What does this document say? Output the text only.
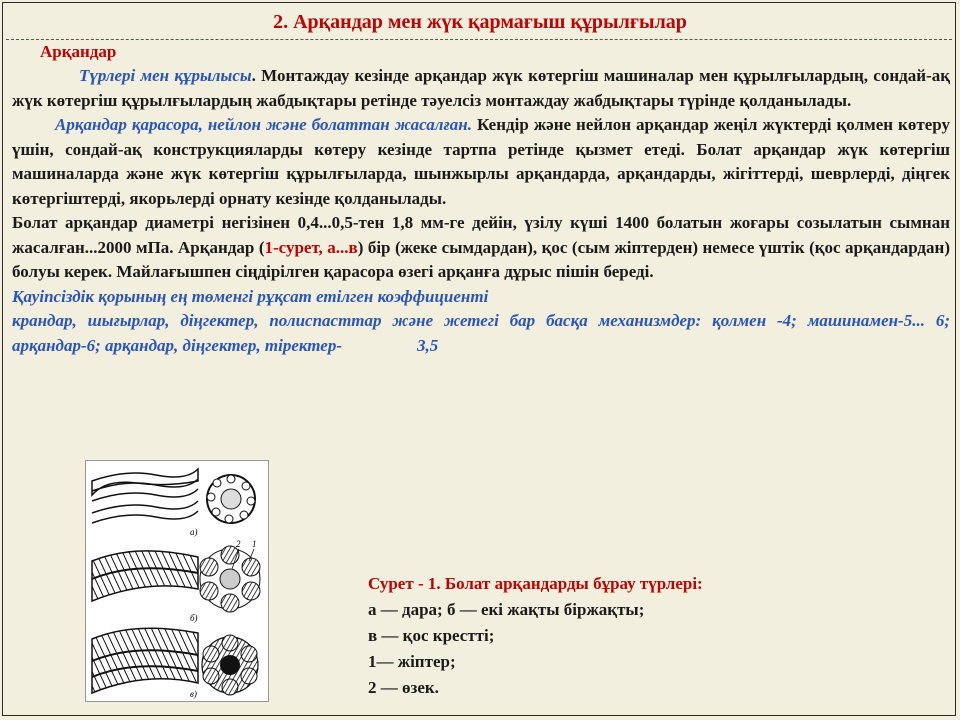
2. Арқандар мен жүк қармағыш құрылғылар
Арқандар

Түрлері мен құрылысы. Монтаждау кезінде арқандар жүк көтергіш машиналар мен құрылғылардың, сондай-ақ жүк көтергіш құрылғылардың жабдықтары ретінде тәуелсіз монтаждау жабдықтары түрінде қолданылады.

Арқандар қарасора, нейлон және болаттан жасалған. Кендір және нейлон арқандар жеңіл жүктерді қолмен көтеру үшін, сондай-ақ конструкцияларды көтеру кезінде тартпа ретінде қызмет етеді. Болат арқандар жүк көтергіш машиналарда және жүк көтергіш құрылғыларда, шынжырлы арқандарда, арқандарды, жігіттерді, шеврлерді, діңгек көтергіштерді, якорьлерді орнату кезінде қолданылады.

Болат арқандар диаметрі негізінен 0,4...0,5-тен 1,8 мм-ге дейін, үзілу күші 1400 болатын жоғары созылатын сымнан жасалған...2000 мПа. Арқандар (1-сурет, а...в) бір (жеке сымдардан), қос (сым жіптерден) немесе үштік (қос арқандардан) болуы керек. Майлағышпен сіңдірілген қарасора өзегі арқанға дұрыс пішін береді.

Қауіпсіздік қорының ең төменгі рұқсат етілген коэффициенті

крандар, шығырлар, діңгектер, полиспасттар және жетегі бар басқа механизмдер: қолмен -4; машинамен-5... 6; арқандар-6; арқандар, діңгектер, тіректер-	3,5

а)
2 1
б)
в)
Сурет - 1. Болат арқандарды бұрау түрлері:
а — дара; б — екі жақты біржақты;
в — қос крестті;
1— жіптер;
2 — өзек.
